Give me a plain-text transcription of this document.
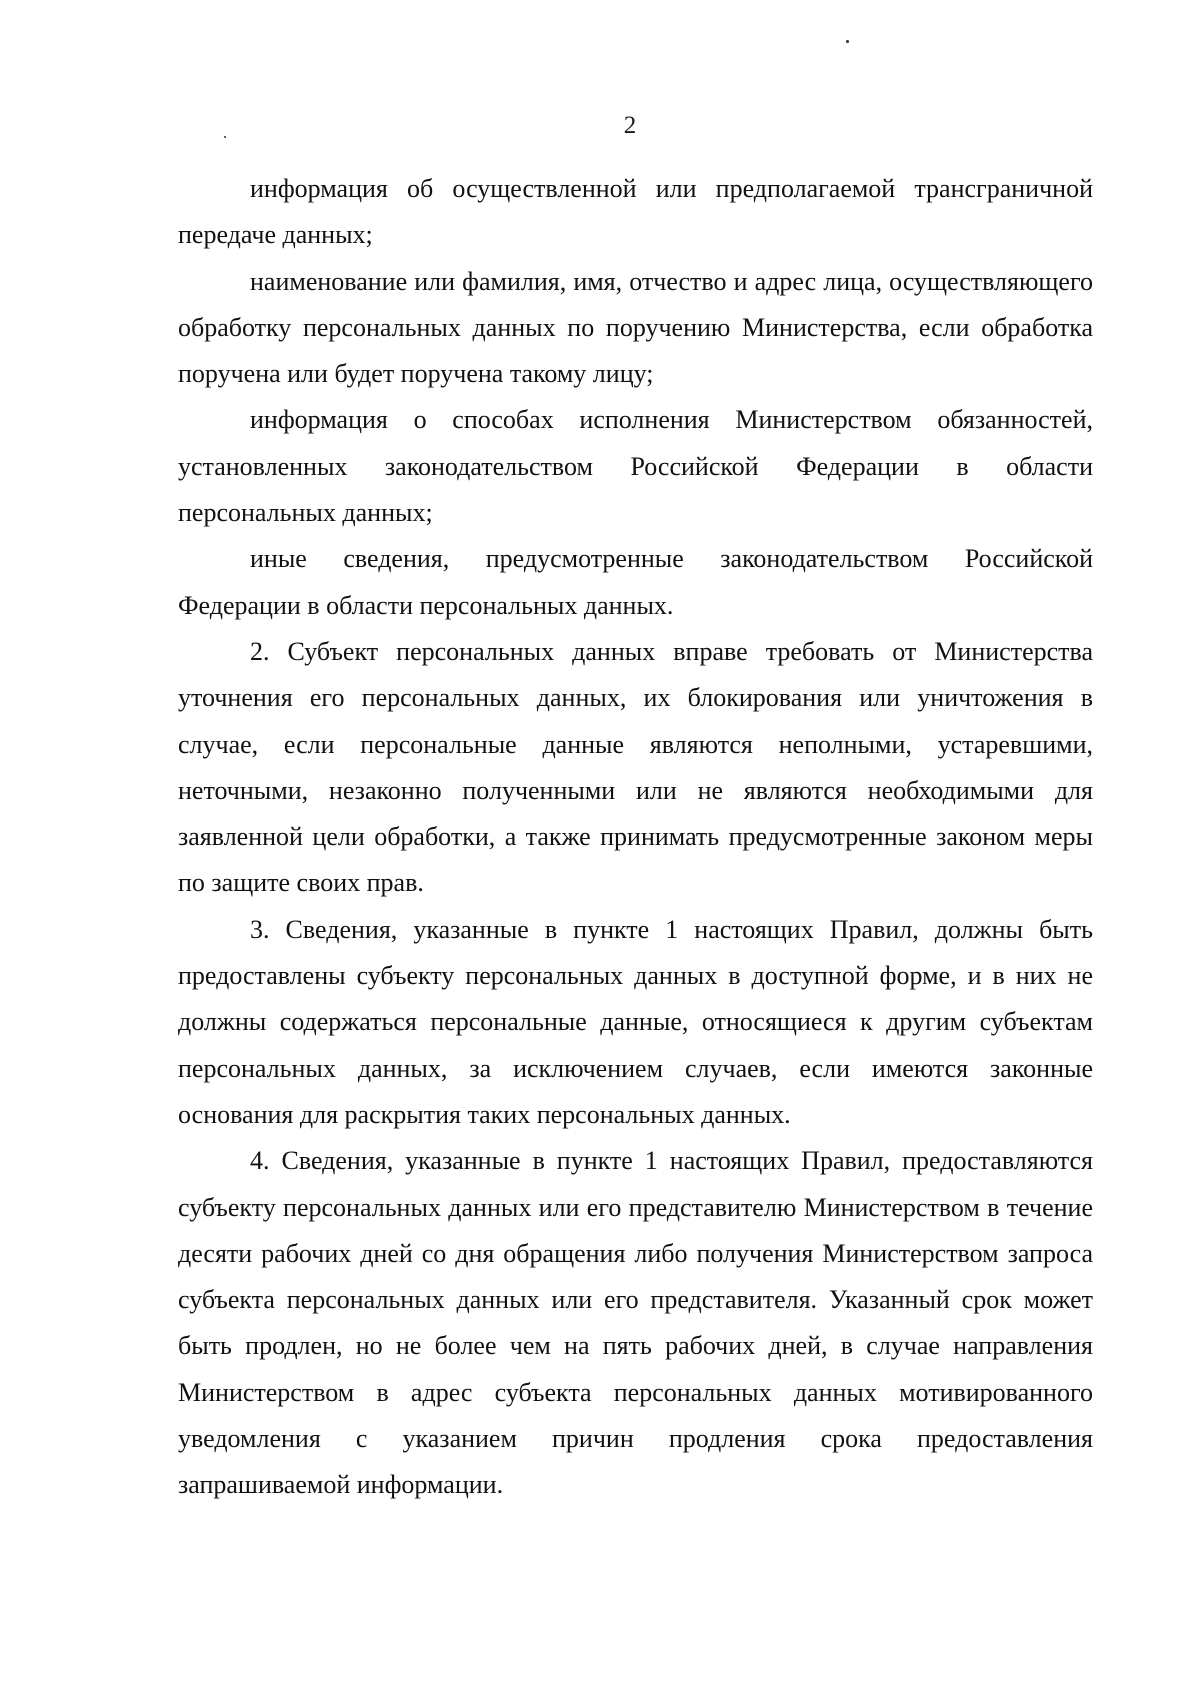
2

информация об осуществленной или предполагаемой трансграничной передаче данных;

наименование или фамилия, имя, отчество и адрес лица, осуществляющего обработку персональных данных по поручению Министерства, если обработка поручена или будет поручена такому лицу;

информация о способах исполнения Министерством обязанностей, установленных законодательством Российской Федерации в области персональных данных;

иные сведения, предусмотренные законодательством Российской Федерации в области персональных данных.

2. Субъект персональных данных вправе требовать от Министерства уточнения его персональных данных, их блокирования или уничтожения в случае, если персональные данные являются неполными, устаревшими, неточными, незаконно полученными или не являются необходимыми для заявленной цели обработки, а также принимать предусмотренные законом меры по защите своих прав.

3. Сведения, указанные в пункте 1 настоящих Правил, должны быть предоставлены субъекту персональных данных в доступной форме, и в них не должны содержаться персональные данные, относящиеся к другим субъектам персональных данных, за исключением случаев, если имеются законные основания для раскрытия таких персональных данных.

4. Сведения, указанные в пункте 1 настоящих Правил, предоставляются субъекту персональных данных или его представителю Министерством в течение десяти рабочих дней со дня обращения либо получения Министерством запроса субъекта персональных данных или его представителя. Указанный срок может быть продлен, но не более чем на пять рабочих дней, в случае направления Министерством в адрес субъекта персональных данных мотивированного уведомления с указанием причин продления срока предоставления запрашиваемой информации.
